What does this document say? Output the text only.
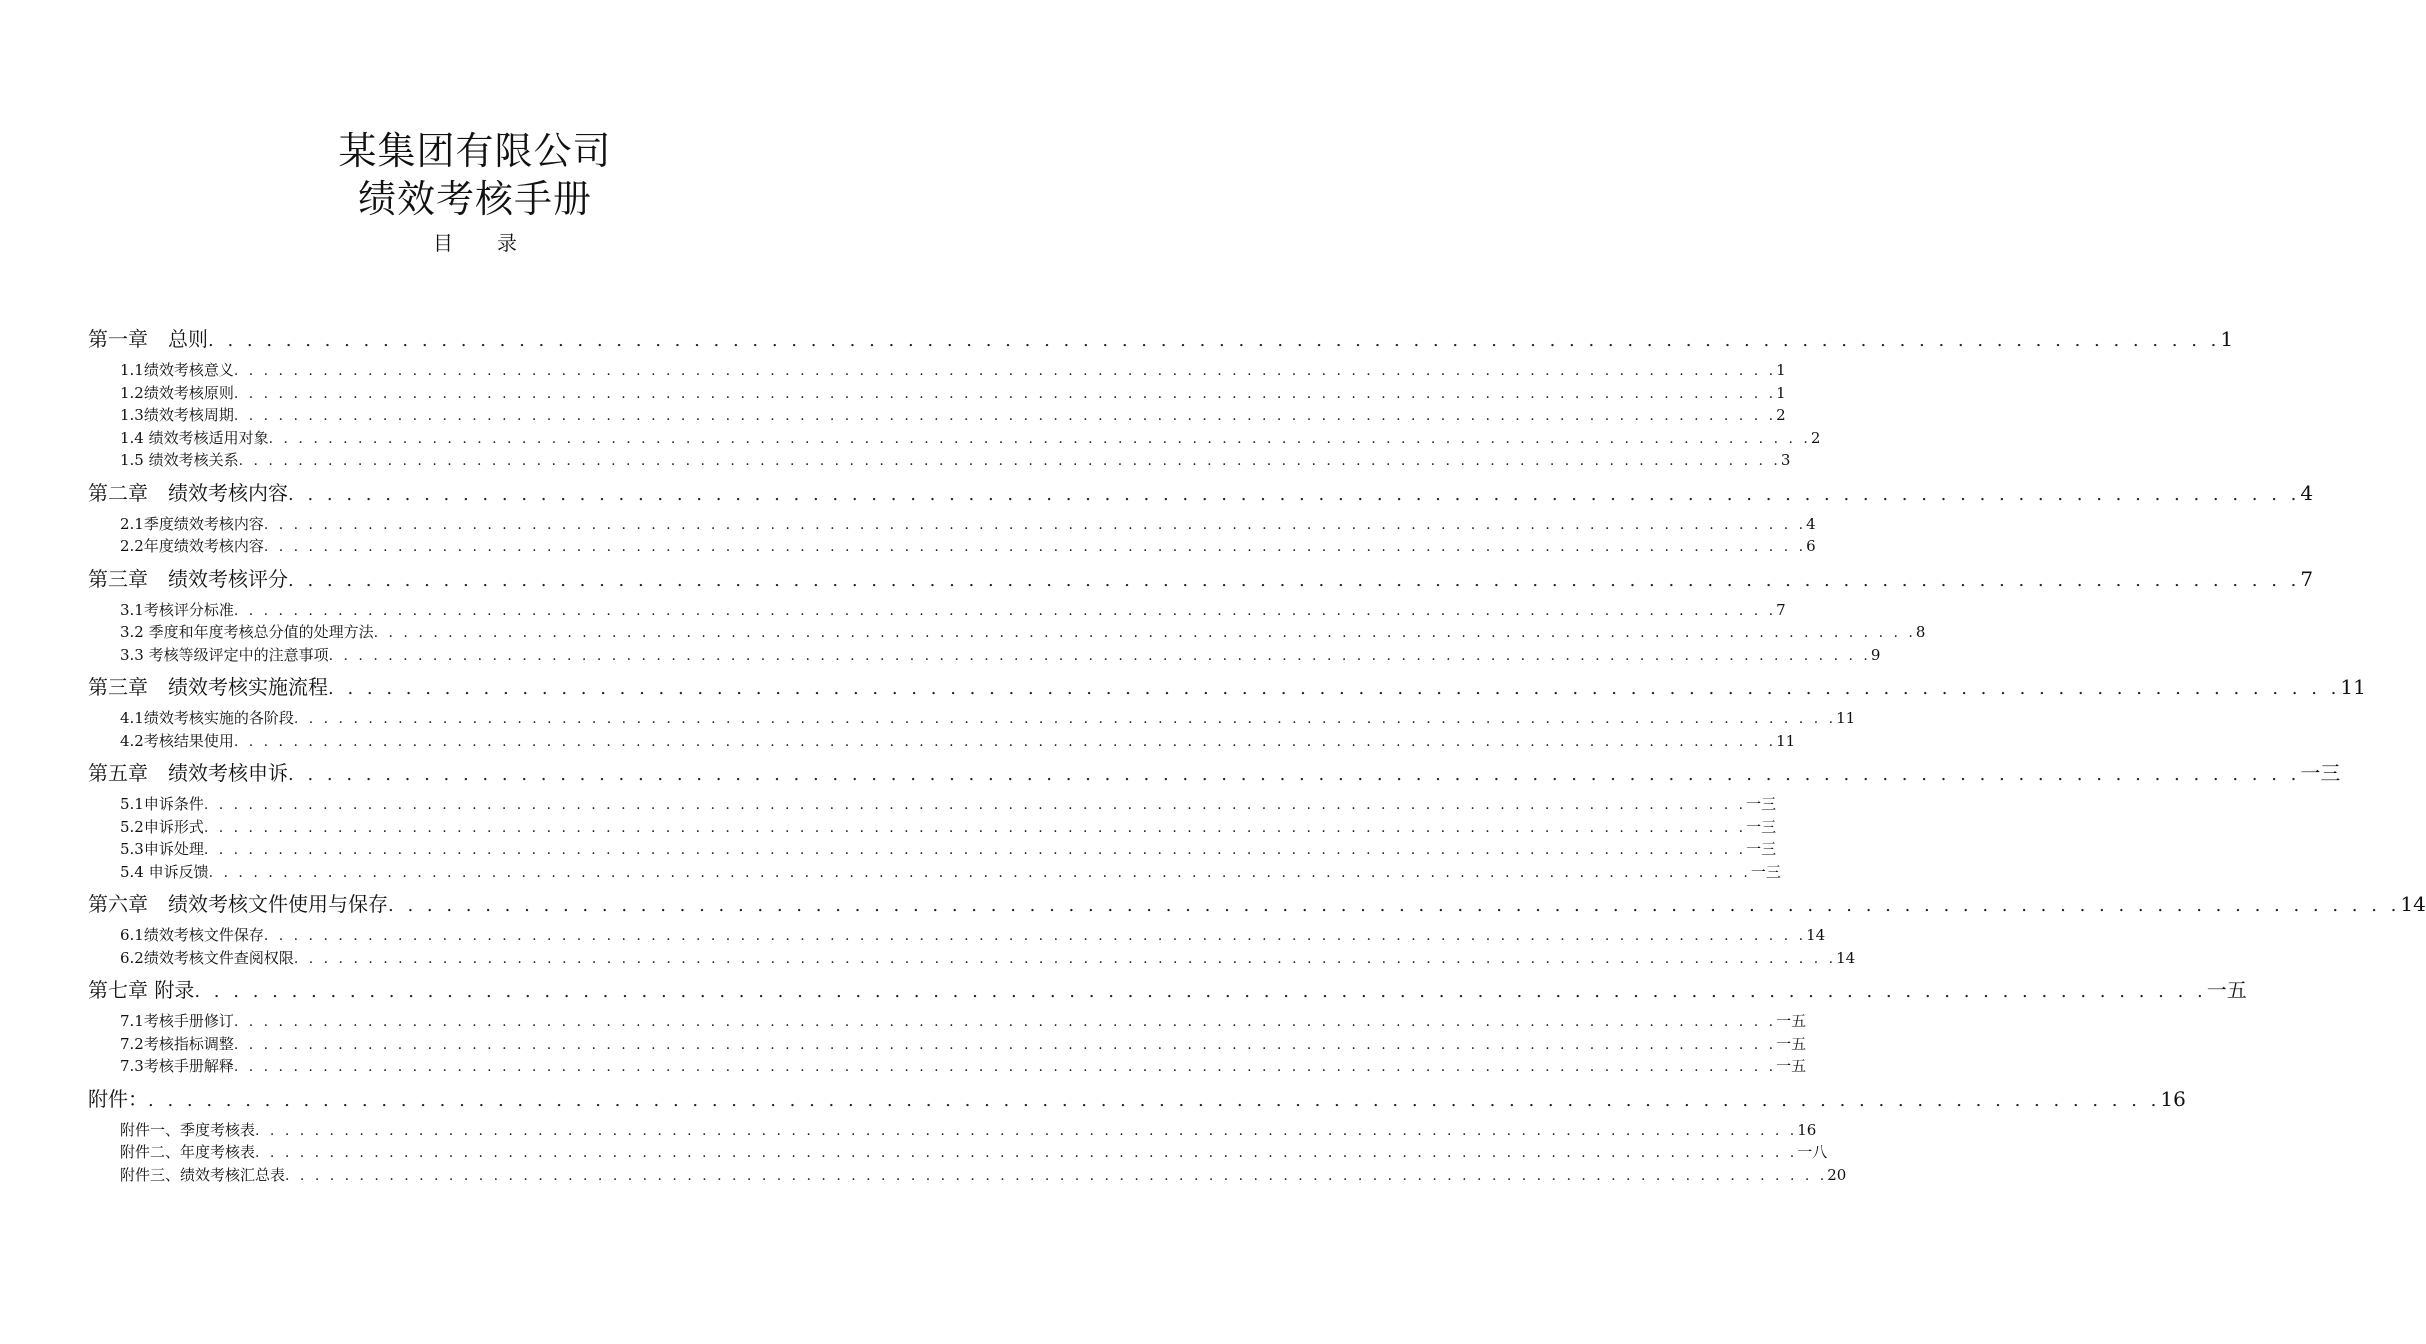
某集团有限公司
绩效考核手册
目 录
第一章　总则 . . . . . . . . . . . . . . . . . . . . . . . . . . . . . . . . . . . . . . . . . . . . . . . . . . . . . . . . . . . . . . . . . . . . . . . . . . . . . . . . . . . . . . . . . . . . . . . . . . . . . . . . 1
1.1绩效考核意义 . . . . . . . . . . . . . . . . . . . . . . . . . . . . . . . . . . . . . . . . . . . . . . . . . . . . . . . . . . . . . . . . . . . . . . . . . . . . . . . . . . . . . . . . . . . . . . . . . . . . . . . . 1
1.2绩效考核原则 . . . . . . . . . . . . . . . . . . . . . . . . . . . . . . . . . . . . . . . . . . . . . . . . . . . . . . . . . . . . . . . . . . . . . . . . . . . . . . . . . . . . . . . . . . . . . . . . . . . . . . . . 1
1.3绩效考核周期 . . . . . . . . . . . . . . . . . . . . . . . . . . . . . . . . . . . . . . . . . . . . . . . . . . . . . . . . . . . . . . . . . . . . . . . . . . . . . . . . . . . . . . . . . . . . . . . . . . . . . . . . 2
1.4 绩效考核适用对象 . . . . . . . . . . . . . . . . . . . . . . . . . . . . . . . . . . . . . . . . . . . . . . . . . . . . . . . . . . . . . . . . . . . . . . . . . . . . . . . . . . . . . . . . . . . . . . . . . . . . . . . . 2
1.5 绩效考核关系 . . . . . . . . . . . . . . . . . . . . . . . . . . . . . . . . . . . . . . . . . . . . . . . . . . . . . . . . . . . . . . . . . . . . . . . . . . . . . . . . . . . . . . . . . . . . . . . . . . . . . . . . 3
第二章　绩效考核内容 . . . . . . . . . . . . . . . . . . . . . . . . . . . . . . . . . . . . . . . . . . . . . . . . . . . . . . . . . . . . . . . . . . . . . . . . . . . . . . . . . . . . . . . . . . . . . . . . . . . . . . . . 4
2.1季度绩效考核内容 . . . . . . . . . . . . . . . . . . . . . . . . . . . . . . . . . . . . . . . . . . . . . . . . . . . . . . . . . . . . . . . . . . . . . . . . . . . . . . . . . . . . . . . . . . . . . . . . . . . . . . . . 4
2.2年度绩效考核内容 . . . . . . . . . . . . . . . . . . . . . . . . . . . . . . . . . . . . . . . . . . . . . . . . . . . . . . . . . . . . . . . . . . . . . . . . . . . . . . . . . . . . . . . . . . . . . . . . . . . . . . . . 6
第三章　绩效考核评分 . . . . . . . . . . . . . . . . . . . . . . . . . . . . . . . . . . . . . . . . . . . . . . . . . . . . . . . . . . . . . . . . . . . . . . . . . . . . . . . . . . . . . . . . . . . . . . . . . . . . . . . . 7
3.1考核评分标准 . . . . . . . . . . . . . . . . . . . . . . . . . . . . . . . . . . . . . . . . . . . . . . . . . . . . . . . . . . . . . . . . . . . . . . . . . . . . . . . . . . . . . . . . . . . . . . . . . . . . . . . . 7
3.2 季度和年度考核总分值的处理方法 . . . . . . . . . . . . . . . . . . . . . . . . . . . . . . . . . . . . . . . . . . . . . . . . . . . . . . . . . . . . . . . . . . . . . . . . . . . . . . . . . . . . . . . . . . . . . . . . . . . . . . . . 8
3.3 考核等级评定中的注意事项 . . . . . . . . . . . . . . . . . . . . . . . . . . . . . . . . . . . . . . . . . . . . . . . . . . . . . . . . . . . . . . . . . . . . . . . . . . . . . . . . . . . . . . . . . . . . . . . . . . . . . . . . 9
第三章　绩效考核实施流程 . . . . . . . . . . . . . . . . . . . . . . . . . . . . . . . . . . . . . . . . . . . . . . . . . . . . . . . . . . . . . . . . . . . . . . . . . . . . . . . . . . . . . . . . . . . . . . . . . . . . . . . . 11
4.1绩效考核实施的各阶段 . . . . . . . . . . . . . . . . . . . . . . . . . . . . . . . . . . . . . . . . . . . . . . . . . . . . . . . . . . . . . . . . . . . . . . . . . . . . . . . . . . . . . . . . . . . . . . . . . . . . . . . . 11
4.2考核结果使用 . . . . . . . . . . . . . . . . . . . . . . . . . . . . . . . . . . . . . . . . . . . . . . . . . . . . . . . . . . . . . . . . . . . . . . . . . . . . . . . . . . . . . . . . . . . . . . . . . . . . . . . . 11
第五章　绩效考核申诉 . . . . . . . . . . . . . . . . . . . . . . . . . . . . . . . . . . . . . . . . . . . . . . . . . . . . . . . . . . . . . . . . . . . . . . . . . . . . . . . . . . . . . . . . . . . . . . . . . . . . . . . . 一三
5.1申诉条件 . . . . . . . . . . . . . . . . . . . . . . . . . . . . . . . . . . . . . . . . . . . . . . . . . . . . . . . . . . . . . . . . . . . . . . . . . . . . . . . . . . . . . . . . . . . . . . . . . . . . . . . . 一三
5.2申诉形式 . . . . . . . . . . . . . . . . . . . . . . . . . . . . . . . . . . . . . . . . . . . . . . . . . . . . . . . . . . . . . . . . . . . . . . . . . . . . . . . . . . . . . . . . . . . . . . . . . . . . . . . . 一三
5.3申诉处理 . . . . . . . . . . . . . . . . . . . . . . . . . . . . . . . . . . . . . . . . . . . . . . . . . . . . . . . . . . . . . . . . . . . . . . . . . . . . . . . . . . . . . . . . . . . . . . . . . . . . . . . . 一三
5.4 申诉反馈 . . . . . . . . . . . . . . . . . . . . . . . . . . . . . . . . . . . . . . . . . . . . . . . . . . . . . . . . . . . . . . . . . . . . . . . . . . . . . . . . . . . . . . . . . . . . . . . . . . . . . . . . 一三
第六章　绩效考核文件使用与保存 . . . . . . . . . . . . . . . . . . . . . . . . . . . . . . . . . . . . . . . . . . . . . . . . . . . . . . . . . . . . . . . . . . . . . . . . . . . . . . . . . . . . . . . . . . . . . . . . . . . . . . . . 14
6.1绩效考核文件保存 . . . . . . . . . . . . . . . . . . . . . . . . . . . . . . . . . . . . . . . . . . . . . . . . . . . . . . . . . . . . . . . . . . . . . . . . . . . . . . . . . . . . . . . . . . . . . . . . . . . . . . . . 14
6.2绩效考核文件查阅权限 . . . . . . . . . . . . . . . . . . . . . . . . . . . . . . . . . . . . . . . . . . . . . . . . . . . . . . . . . . . . . . . . . . . . . . . . . . . . . . . . . . . . . . . . . . . . . . . . . . . . . . . . 14
第七章 附录 . . . . . . . . . . . . . . . . . . . . . . . . . . . . . . . . . . . . . . . . . . . . . . . . . . . . . . . . . . . . . . . . . . . . . . . . . . . . . . . . . . . . . . . . . . . . . . . . . . . . . . . . 一五
7.1考核手册修订 . . . . . . . . . . . . . . . . . . . . . . . . . . . . . . . . . . . . . . . . . . . . . . . . . . . . . . . . . . . . . . . . . . . . . . . . . . . . . . . . . . . . . . . . . . . . . . . . . . . . . . . . 一五
7.2考核指标调整 . . . . . . . . . . . . . . . . . . . . . . . . . . . . . . . . . . . . . . . . . . . . . . . . . . . . . . . . . . . . . . . . . . . . . . . . . . . . . . . . . . . . . . . . . . . . . . . . . . . . . . . . 一五
7.3考核手册解释 . . . . . . . . . . . . . . . . . . . . . . . . . . . . . . . . . . . . . . . . . . . . . . . . . . . . . . . . . . . . . . . . . . . . . . . . . . . . . . . . . . . . . . . . . . . . . . . . . . . . . . . . 一五
附件： . . . . . . . . . . . . . . . . . . . . . . . . . . . . . . . . . . . . . . . . . . . . . . . . . . . . . . . . . . . . . . . . . . . . . . . . . . . . . . . . . . . . . . . . . . . . . . . . . . . . . . . . 16
附件一、季度考核表 . . . . . . . . . . . . . . . . . . . . . . . . . . . . . . . . . . . . . . . . . . . . . . . . . . . . . . . . . . . . . . . . . . . . . . . . . . . . . . . . . . . . . . . . . . . . . . . . . . . . . . . . 16
附件二、年度考核表 . . . . . . . . . . . . . . . . . . . . . . . . . . . . . . . . . . . . . . . . . . . . . . . . . . . . . . . . . . . . . . . . . . . . . . . . . . . . . . . . . . . . . . . . . . . . . . . . . . . . . . . . 一八
附件三、绩效考核汇总表 . . . . . . . . . . . . . . . . . . . . . . . . . . . . . . . . . . . . . . . . . . . . . . . . . . . . . . . . . . . . . . . . . . . . . . . . . . . . . . . . . . . . . . . . . . . . . . . . . . . . . . . . 20
